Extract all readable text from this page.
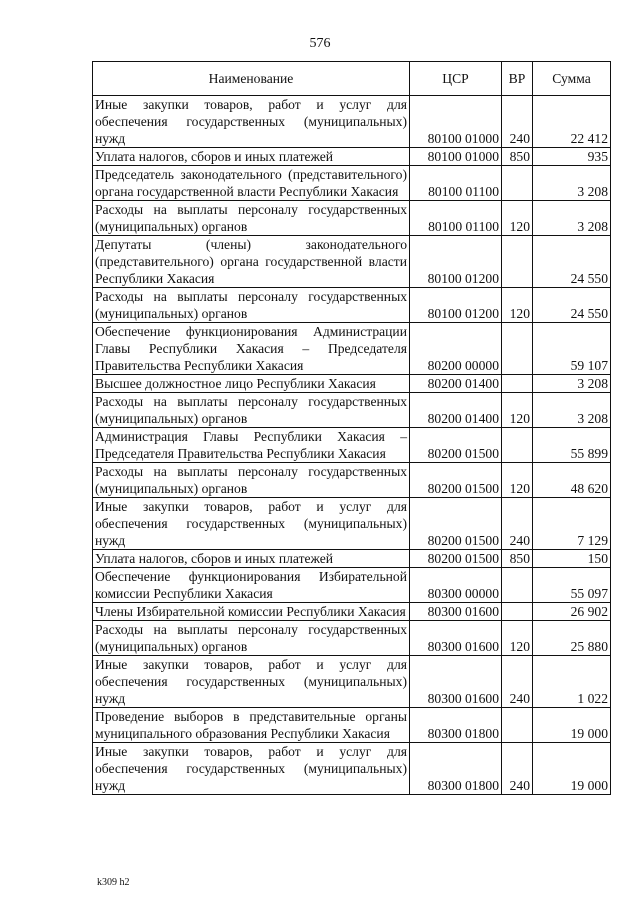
576
Наименование	ЦСР	ВР	Сумма
Иные закупки товаров, работ и услуг для обеспечения государственных (муниципальных) нужд	80100 01000	240	22 412
Уплата налогов, сборов и иных платежей	80100 01000	850	935
Председатель законодательного (представительного) органа государственной власти Республики Хакасия	80100 01100		3 208
Расходы на выплаты персоналу государственных (муниципальных) органов	80100 01100	120	3 208
Депутаты (члены) законодательного (представительного) органа государственной власти Республики Хакасия	80100 01200		24 550
Расходы на выплаты персоналу государственных (муниципальных) органов	80100 01200	120	24 550
Обеспечение функционирования Администрации Главы Республики Хакасия – Председателя Правительства Республики Хакасия	80200 00000		59 107
Высшее должностное лицо Республики Хакасия	80200 01400		3 208
Расходы на выплаты персоналу государственных (муниципальных) органов	80200 01400	120	3 208
Администрация Главы Республики Хакасия – Председателя Правительства Республики Хакасия	80200 01500		55 899
Расходы на выплаты персоналу государственных (муниципальных) органов	80200 01500	120	48 620
Иные закупки товаров, работ и услуг для обеспечения государственных (муниципальных) нужд	80200 01500	240	7 129
Уплата налогов, сборов и иных платежей	80200 01500	850	150
Обеспечение функционирования Избирательной комиссии Республики Хакасия	80300 00000		55 097
Члены Избирательной комиссии Республики Хакасия	80300 01600		26 902
Расходы на выплаты персоналу государственных (муниципальных) органов	80300 01600	120	25 880
Иные закупки товаров, работ и услуг для обеспечения государственных (муниципальных) нужд	80300 01600	240	1 022
Проведение выборов в представительные органы муниципального образования Республики Хакасия	80300 01800		19 000
Иные закупки товаров, работ и услуг для обеспечения государственных (муниципальных) нужд	80300 01800	240	19 000
k309 h2
